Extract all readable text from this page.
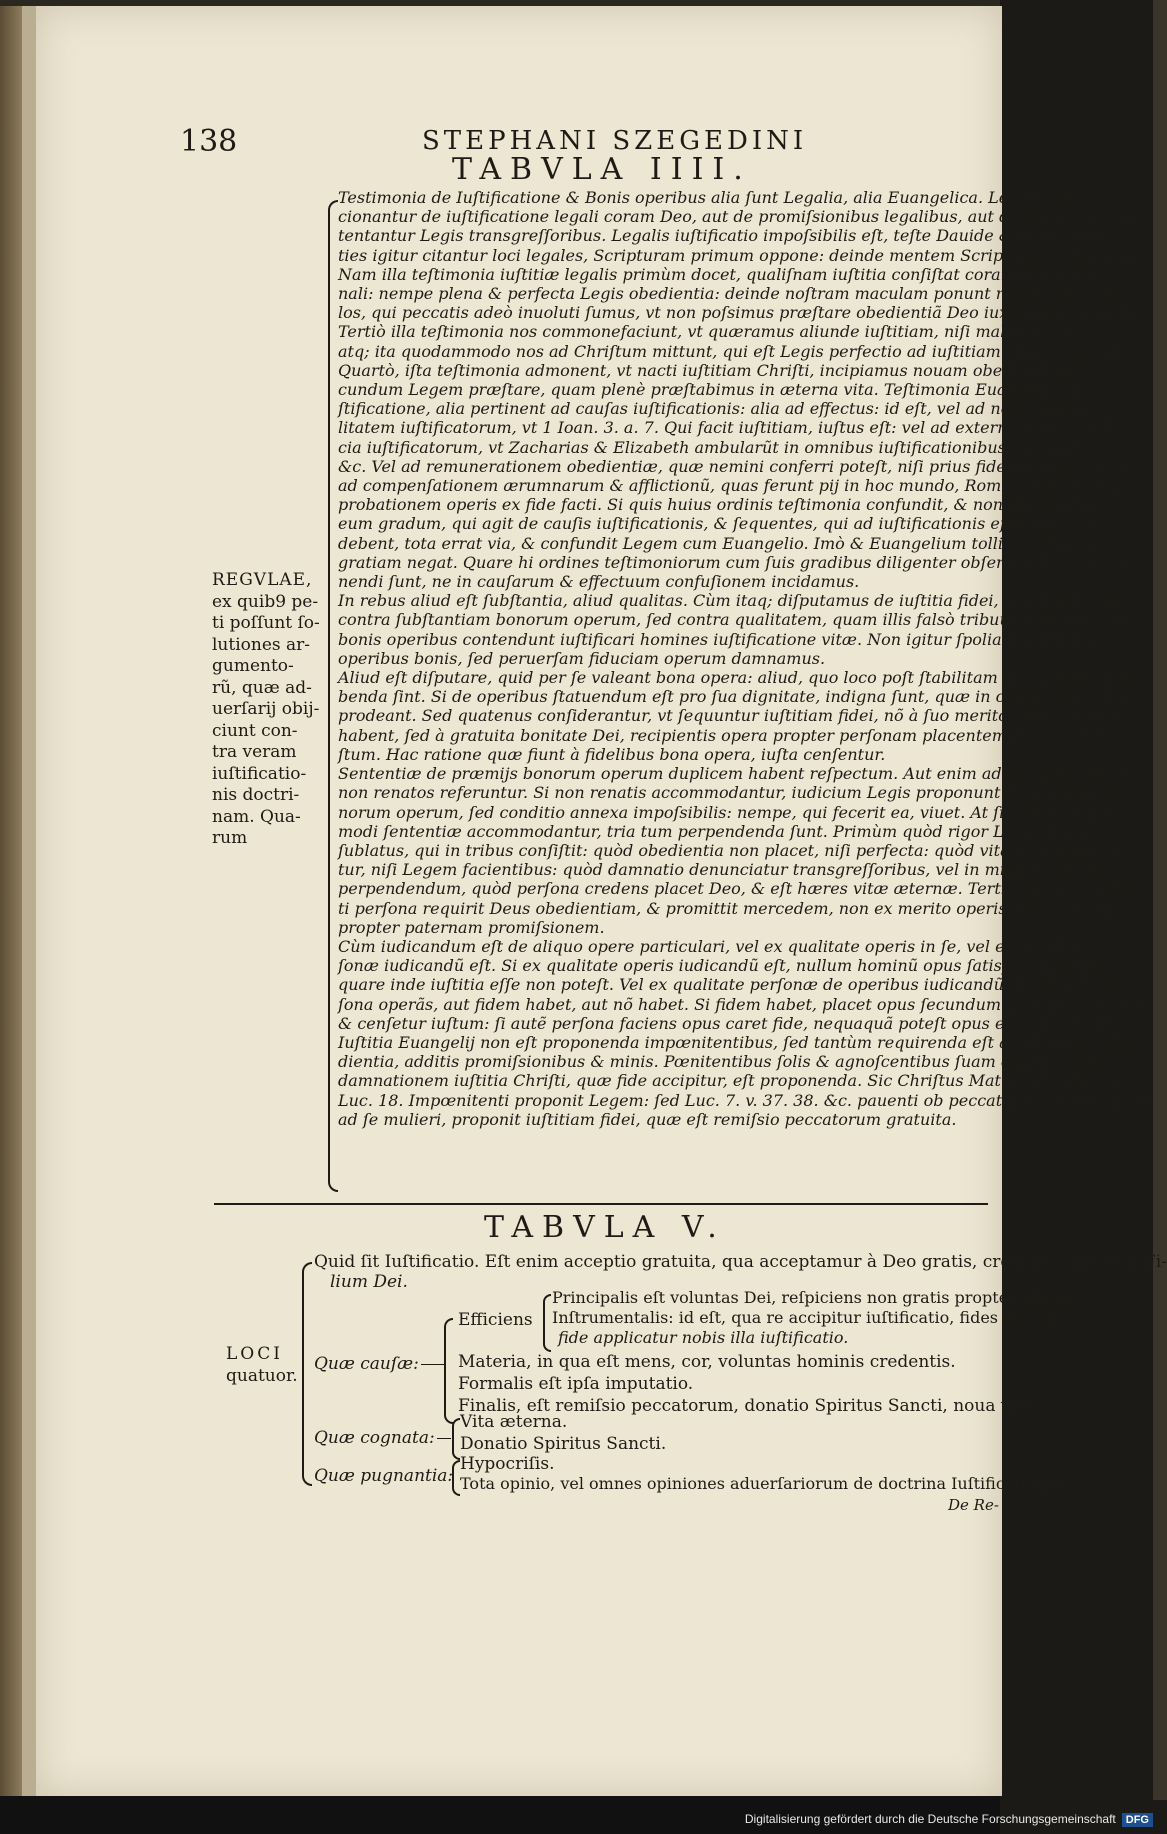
138	STEPHANI SZEGEDINI
TABVLA IIII.
Testimonia de Iuſtificatione & Bonis operibus alia ſunt Legalia, alia Euangelica. Legalia aut cõdi-
cionantur de iuſtificatione legali coram Deo, aut de promiſsionibus legalibus, aut de minis, quæ in-
tentantur Legis transgreſſoribus. Legalis iuſtificatio impoſsibilis eſt, teſte Dauide & Paulo. Quo-
ties igitur citantur loci legales, Scripturam primum oppone: deinde mentem Scripturæ declarabis.
Nam illa teſtimonia iuſtitiæ legalis primùm docet, qualiſnam iuſtitia conſiſtat coram Dei Tribu-
nali: nempe plena & perfecta Legis obedientia: deinde noſtram maculam ponunt nobis ante ocu-
los, qui peccatis adeò inuoluti ſumus, vt non poſsimus præſtare obedientiã Deo iuxta ipſius Legem.
Tertiò illa teſtimonia nos commonefaciunt, vt quæramus aliunde iuſtitiam, niſi malimus perire:
atq; ita quodammodo nos ad Chriſtum mittunt, qui eſt Legis perfectio ad iuſtitiam omni credenti.
Quartò, iſta teſtimonia admonent, vt nacti iuſtitiam Chriſti, incipiamus nouam obedientiam ſe-
cundum Legem præſtare, quam plenè præſtabimus in æterna vita. Teſtimonia Euangelica iu-
ſtificatione, alia pertinent ad cauſas iuſtificationis: alia ad effectus: id eſt, vel ad nouã animorum
litatem iuſtificatorum, vt 1 Ioan. 3. a. 7. Qui facit iuſtitiam, iuſtus eſt: vel ad externa ſigna & iudi-
cia iuſtificatorum, vt Zacharias & Elizabeth ambularũt in omnibus iuſtificationibus coram Deo,
&c. Vel ad remunerationem obedientiæ, quæ nemini conferri poteſt, niſi prius fide iuſtificato. Vel
ad compenſationem ærumnarum & afflictionũ, quas ferunt pij in hoc mundo, Rom. 8. Vel ad com-
probationem operis ex fide facti. Si quis huius ordinis teſtimonia confundit, & non diſcernit iux-
eum gradum, qui agit de cauſis iuſtificationis, & ſequentes, qui ad iuſtificationis effectus referri
debent, tota errat via, & confundit Legem cum Euangelio. Imò & Euangelium tollit, & Chriſti
gratiam negat. Quare hi ordines teſtimoniorum cum ſuis gradibus diligenter obſeruandi, & diſcer-
nendi ſunt, ne in cauſarum & effectuum confuſionem incidamus.
In rebus aliud eſt ſubſtantia, aliud qualitas. Cùm itaq; diſputamus de iuſtitia fidei, non diſputamus
contra ſubſtantiam bonorum operum, ſed contra qualitatem, quam illis falsò tribuũt Sophiſtæ, qui
bonis operibus contendunt iuſtificari homines iuſtificatione vitæ. Non igitur ſpoliamus homines
operibus bonis, ſed peruerſam fiduciam operum damnamus.
Aliud eſt diſputare, quid per ſe valeant bona opera: aliud, quo loco poſt ſtabilitam fidei iuſtitiam ha-
benda ſint. Si de operibus ſtatuendum eſt pro ſua dignitate, indigna ſunt, quæ in conſpectum Dei
prodeant. Sed quatenus conſiderantur, vt ſequuntur iuſtitiam fidei, nõ à ſuo merito æſtimationem
habent, ſed à gratuita bonitate Dei, recipientis opera propter perſonam placentem Deo per Chri-
ſtum. Hac ratione quæ fiunt à fidelibus bona opera, iuſta cenſentur.
Sententiæ de præmijs bonorum operum duplicem habent reſpectum. Aut enim ad renatos, aut ad
non renatos referuntur. Si non renatis accommodantur, iudicium Legis proponunt de præmijs bo-
norum operum, ſed conditio annexa impoſsibilis: nempe, qui fecerit ea, viuet. At ſi renatis huiuſ-
modi ſententiæ accommodantur, tria tum perpendenda ſunt. Primùm quòd rigor Legis ſit ipſis
ſublatus, qui in tribus conſiſtit: quòd obedientia non placet, niſi perfecta: quòd vita non promitti-
tur, niſi Legem facientibus: quòd damnatio denunciatur transgreſſoribus, vel in minimo. Deinde
perpendendum, quòd perſona credens placet Deo, & eſt hæres vitæ æternæ. Tertiò, ab hac creden-
ti perſona requirit Deus obedientiam, & promittit mercedem, non ex merito operis, ſed ex gratia,
propter paternam promiſsionem.
Cùm iudicandum eſt de aliquo opere particulari, vel ex qualitate operis in ſe, vel ex qualitate per-
ſonæ iudicandũ eſt. Si ex qualitate operis iudicandũ eſt, nullum hominũ opus ſatisfecit Legi Dei:
quare inde iuſtitia eſſe non poteſt. Vel ex qualitate perſonæ de operibus iudicandũ eſt, atq; ita per-
ſona operãs, aut fidem habet, aut nõ habet. Si fidem habet, placet opus ſecundum Legẽ Dei factum,
& cenſetur iuſtum: ſi autẽ perſona faciens opus caret fide, nequaquã poteſt opus eius placere Deo.
Iuſtitia Euangelij non eſt proponenda impœnitentibus, ſed tantùm requirenda eſt ab illis Legis obe-
dientia, additis promiſsionibus & minis. Pœnitentibus ſolis & agnoſcentibus ſuam commeritam
damnationem iuſtitia Chriſti, quæ fide accipitur, eſt proponenda. Sic Chriſtus Matth. 19. Marc. 10.
Luc. 18. Impœnitenti proponit Legem: ſed Luc. 7. v. 37. 38. &c. pauenti ob peccatum, & confugienti
ad ſe mulieri, proponit iuſtitiam fidei, quæ eſt remiſsio peccatorum gratuita.
REGVLAE,
ex quib9 pe-
ti poſſunt ſo-
lutiones ar-
gumento-
rũ, quæ ad-
uerſarij obij-
ciunt con-
tra veram
iuſtificatio-
nis doctri-
nam. Qua-
rum
TABVLA V.
LOCI
quatuor.
Quid ſit Iuſtificatio. Eſt enim acceptio gratuita, qua acceptamur à Deo gratis, credentes propter Fi-
lium Dei.
Quæ cauſæ:
Efficiens
Principalis eſt voluntas Dei, reſpiciens non gratis propter Filium.
Inſtrumentalis: id eſt, qua re accipitur iuſtificatio, fides eſt: qua
fide applicatur nobis illa iuſtificatio.
Materia, in qua eſt mens, cor, voluntas hominis credentis.
Formalis eſt ipſa imputatio.
Finalis, eſt remiſsio peccatorum, donatio Spiritus Sancti, noua vita.
Quæ cognata:
Vita æterna.
Donatio Spiritus Sancti.
Quæ pugnantia:
Hypocriſis.
Tota opinio, vel omnes opiniones aduerſariorum de doctrina Iuſtificationis.
De Re-
Digitalisierung gefördert durch die Deutsche Forschungsgemeinschaft DFG
